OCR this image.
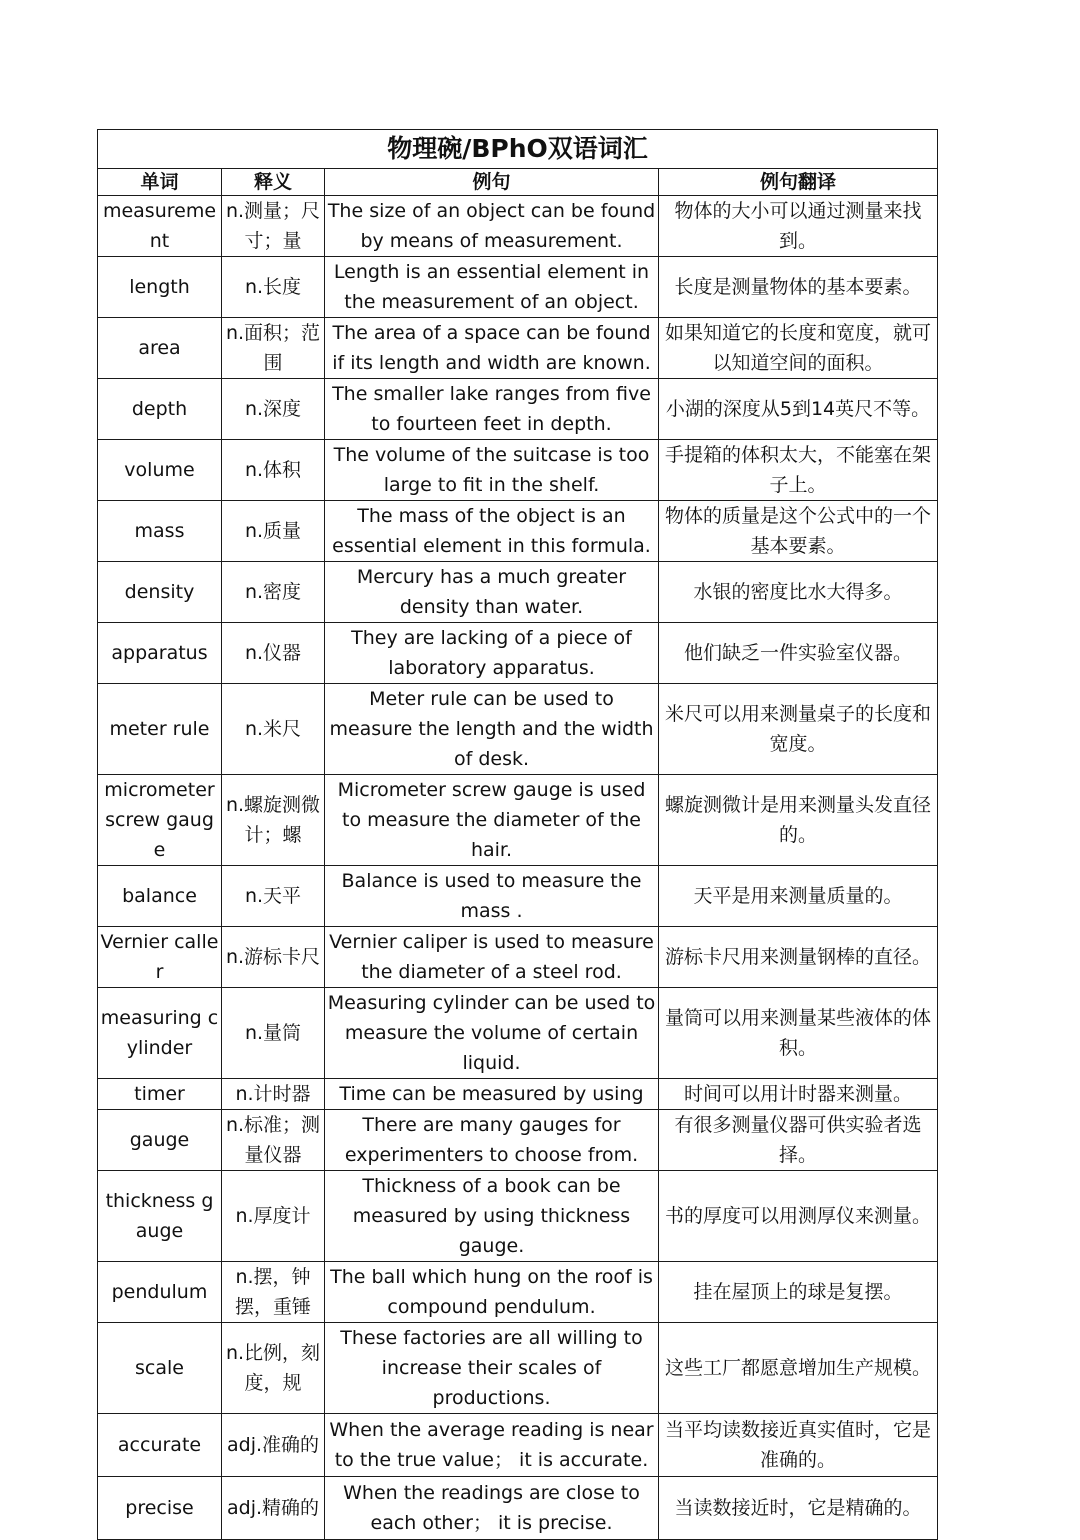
物理碗/BPhO双语词汇			
单词	释义	例句	例句翻译
measurement	n.测量；尺寸；量	The size of an object can be found by means of measurement.	物体的大小可以通过测量来找到。
length	n.长度	Length is an essential element in the measurement of an object.	长度是测量物体的基本要素。
area	n.面积；范围	The area of a space can be found if its length and width are known.	如果知道它的长度和宽度，就可以知道空间的面积。
depth	n.深度	The smaller lake ranges from five to fourteen feet in depth.	小湖的深度从5到14英尺不等。
volume	n.体积	The volume of the suitcase is too large to fit in the shelf.	手提箱的体积太大，不能塞在架子上。
mass	n.质量	The mass of the object is an essential element in this formula.	物体的质量是这个公式中的一个基本要素。
density	n.密度	Mercury has a much greater density than water.	水银的密度比水大得多。
apparatus	n.仪器	They are lacking of a piece of laboratory apparatus.	他们缺乏一件实验室仪器。
meter rule	n.米尺	Meter rule can be used to measure the length and the width of desk.	米尺可以用来测量桌子的长度和宽度。
micrometer screw gauge	n.螺旋测微计；螺	Micrometer screw gauge is used to measure the diameter of the hair.	螺旋测微计是用来测量头发直径的。
balance	n.天平	Balance is used to measure the mass .	天平是用来测量质量的。
Vernier caller	n.游标卡尺	Vernier caliper is used to measure the diameter of a steel rod.	游标卡尺用来测量钢棒的直径。
measuring cylinder	n.量筒	Measuring cylinder can be used to measure the volume of certain liquid.	量筒可以用来测量某些液体的体积。
timer	n.计时器	Time can be measured by using	时间可以用计时器来测量。
gauge	n.标准；测量仪器	There are many gauges for experimenters to choose from.	有很多测量仪器可供实验者选择。
thickness gauge	n.厚度计	Thickness of a book can be measured by using thickness gauge.	书的厚度可以用测厚仪来测量。
pendulum	n.摆，钟摆，重锤	The ball which hung on the roof is compound pendulum.	挂在屋顶上的球是复摆。
scale	n.比例，刻度，规	These factories are all willing to increase their scales of productions.	这些工厂都愿意增加生产规模。
accurate	adj.准确的	When the average reading is near to the true value； it is accurate.	当平均读数接近真实值时，它是准确的。
precise	adj.精确的	When the readings are close to each other； it is precise.	当读数接近时，它是精确的。
